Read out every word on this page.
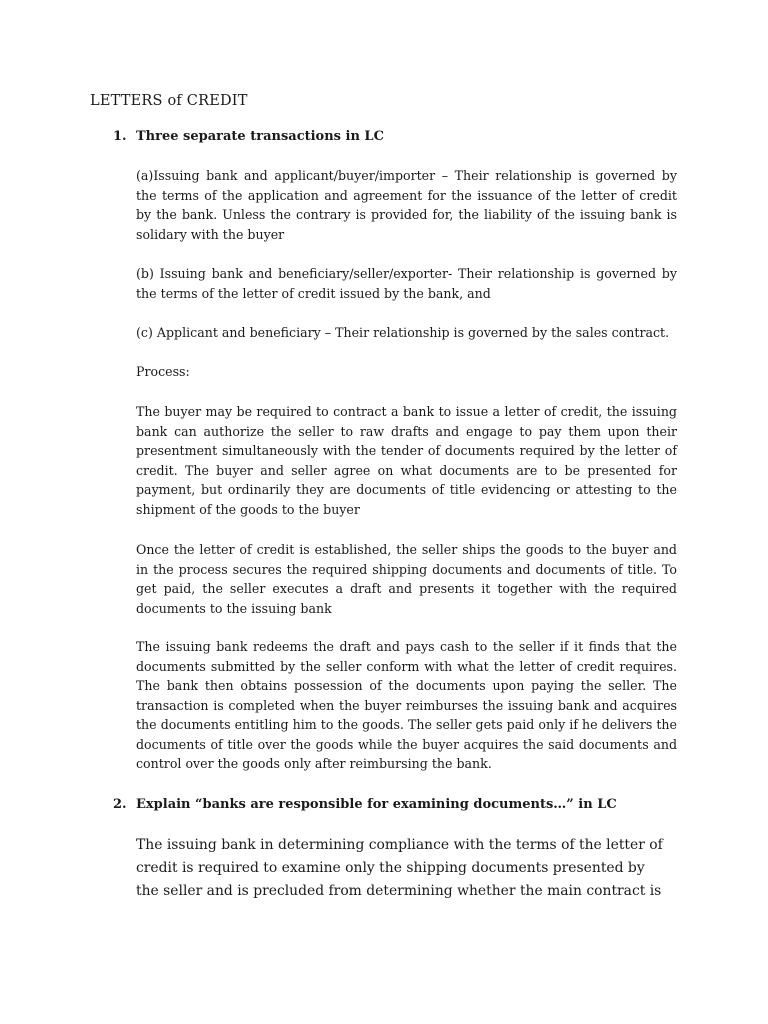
LETTERS of CREDIT
1. Three separate transactions in LC

(a)Issuing bank and applicant/buyer/importer – Their relationship is governed by the terms of the application and agreement for the issuance of the letter of credit by the bank. Unless the contrary is provided for, the liability of the issuing bank is solidary with the buyer

(b) Issuing bank and beneficiary/seller/exporter- Their relationship is governed by the terms of the letter of credit issued by the bank, and

(c) Applicant and beneficiary – Their relationship is governed by the sales contract.

Process:

The buyer may be required to contract a bank to issue a letter of credit, the issuing bank can authorize the seller to raw drafts and engage to pay them upon their presentment simultaneously with the tender of documents required by the letter of credit. The buyer and seller agree on what documents are to be presented for payment, but ordinarily they are documents of title evidencing or attesting to the shipment of the goods to the buyer

Once the letter of credit is established, the seller ships the goods to the buyer and in the process secures the required shipping documents and documents of title. To get paid, the seller executes a draft and presents it together with the required documents to the issuing bank

The issuing bank redeems the draft and pays cash to the seller if it finds that the documents submitted by the seller conform with what the letter of credit requires. The bank then obtains possession of the documents upon paying the seller. The transaction is completed when the buyer reimburses the issuing bank and acquires the documents entitling him to the goods. The seller gets paid only if he delivers the documents of title over the goods while the buyer acquires the said documents and control over the goods only after reimbursing the bank.

2. Explain “banks are responsible for examining documents…” in LC

The issuing bank in determining compliance with the terms of the letter of credit is required to examine only the shipping documents presented by the seller and is precluded from determining whether the main contract is
